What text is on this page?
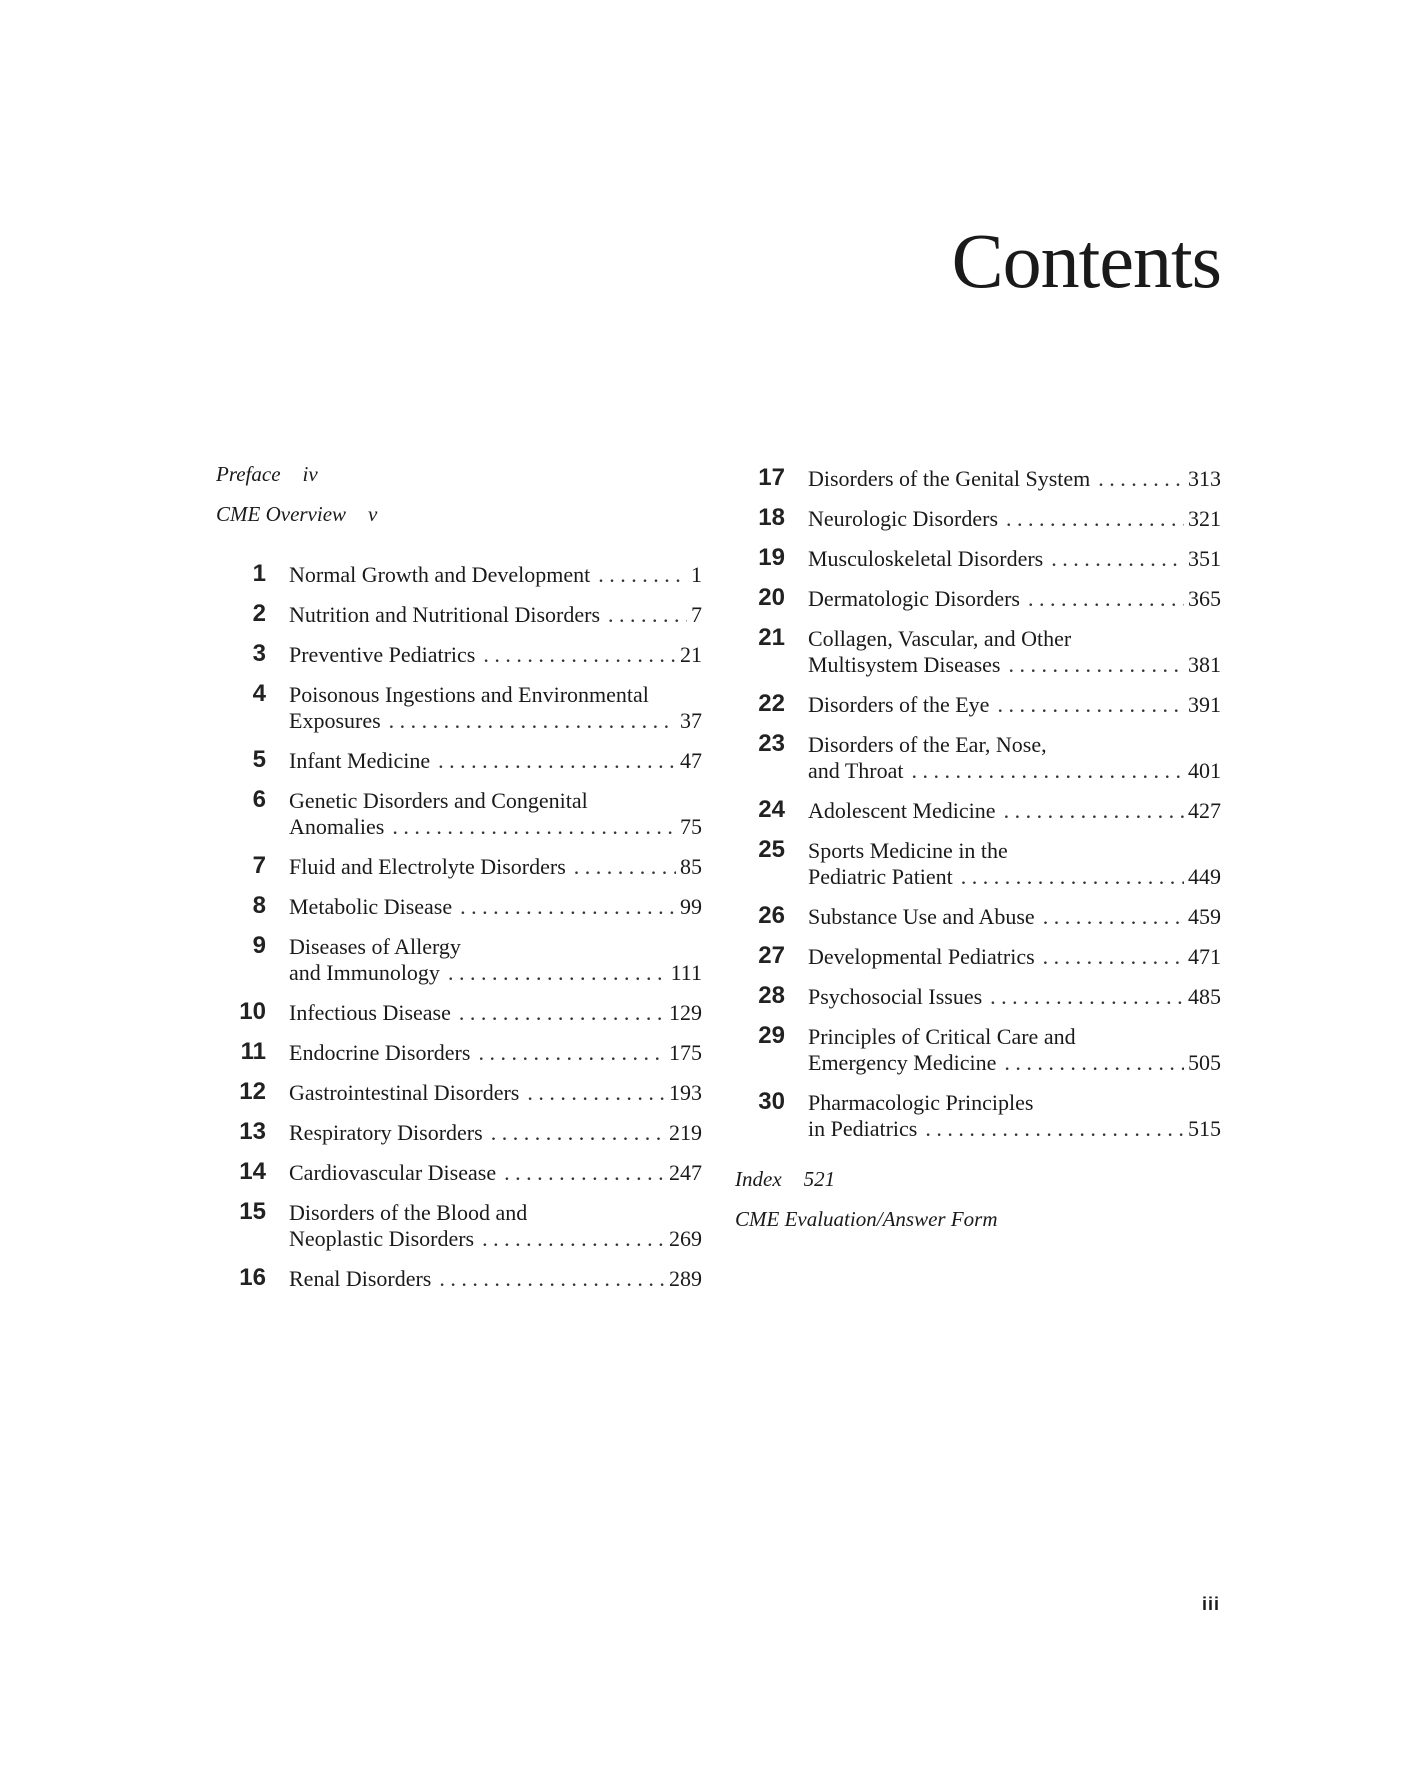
Contents
Preface iv
CME Overview v
1 Normal Growth and Development . . .	1
2 Nutrition and Nutritional Disorders . . .	7
3 Preventive Pediatrics . . .	21
4 Poisonous Ingestions and Environmental
Exposures . . .	37
5 Infant Medicine . . .	47
6 Genetic Disorders and Congenital
Anomalies . . .	75
7 Fluid and Electrolyte Disorders . . .	85
8 Metabolic Disease . . .	99
9 Diseases of Allergy
and Immunology . . .	111
10 Infectious Disease . . .	129
11 Endocrine Disorders . . .	175
12 Gastrointestinal Disorders . . .	193
13 Respiratory Disorders . . .	219
14 Cardiovascular Disease . . .	247
15 Disorders of the Blood and
Neoplastic Disorders . . .	269
16 Renal Disorders . . .	289
17 Disorders of the Genital System . . .	313
18 Neurologic Disorders . . .	321
19 Musculoskeletal Disorders . . .	351
20 Dermatologic Disorders . . .	365
21 Collagen, Vascular, and Other
Multisystem Diseases . . .	381
22 Disorders of the Eye . . .	391
23 Disorders of the Ear, Nose,
and Throat . . .	401
24 Adolescent Medicine . . .	427
25 Sports Medicine in the
Pediatric Patient . . .	449
26 Substance Use and Abuse . . .	459
27 Developmental Pediatrics . . .	471
28 Psychosocial Issues . . .	485
29 Principles of Critical Care and
Emergency Medicine . . .	505
30 Pharmacologic Principles
in Pediatrics . . .	515
Index 521
CME Evaluation/Answer Form
iii
